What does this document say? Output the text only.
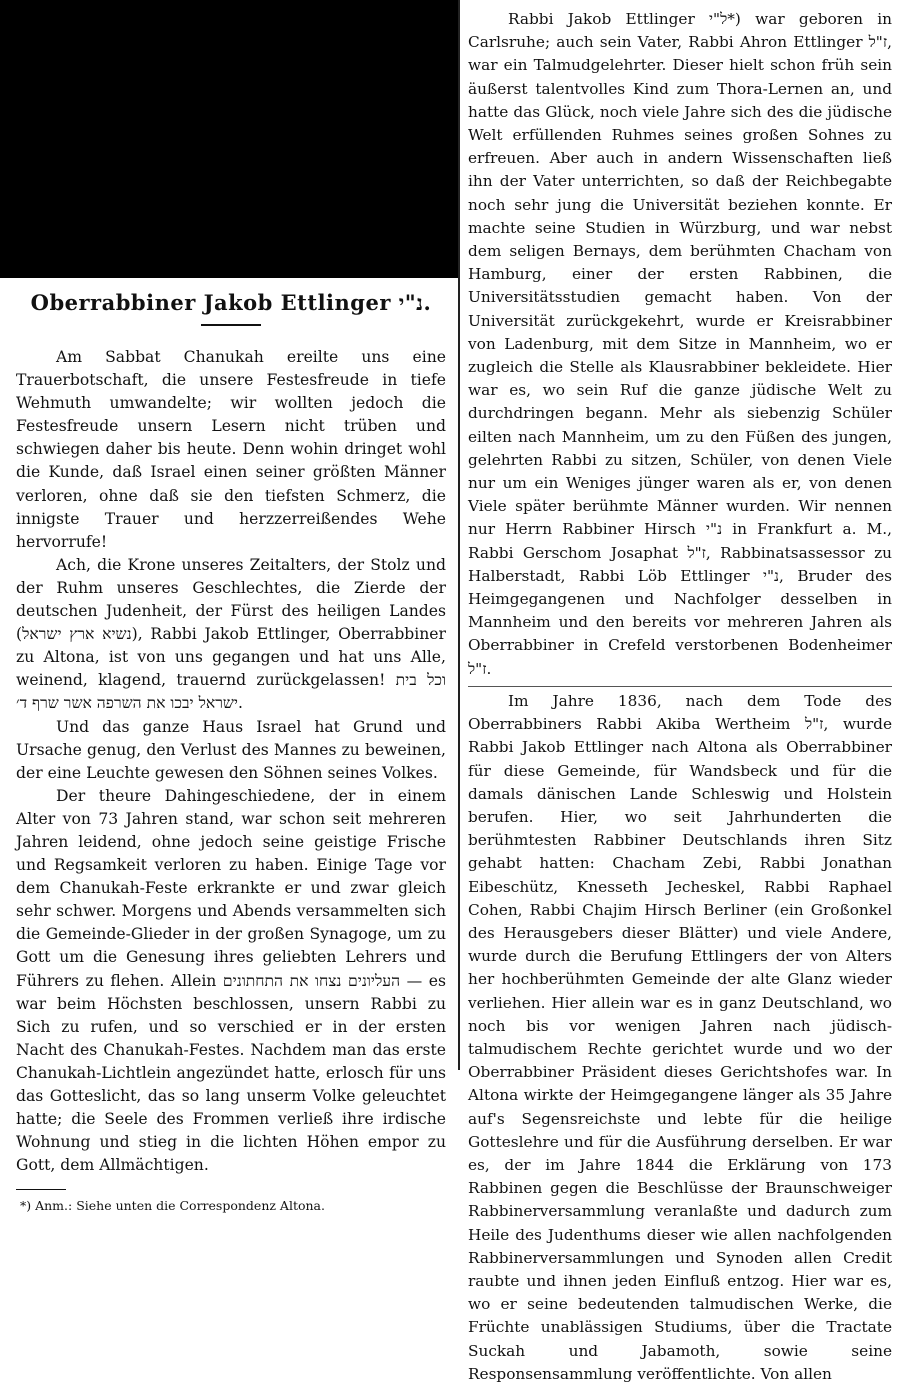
Oberrabbiner Jakob Ettlinger נ"י.

Am Sabbat Chanukah ereilte uns eine Trauerbotschaft, die unsere Festesfreude in tiefe Wehmuth umwandelte; wir wollten jedoch die Festesfreude unsern Lesern nicht trüben und schwiegen daher bis heute. Denn wohin dringet wohl die Kunde, daß Israel einen seiner größten Männer verloren, ohne daß sie den tiefsten Schmerz, die innigste Trauer und herzzerreißendes Wehe hervorrufe!

Ach, die Krone unseres Zeitalters, der Stolz und der Ruhm unseres Geschlechtes, die Zierde der deutschen Judenheit, der Fürst des heiligen Landes (נשיא ארץ ישראל), Rabbi Jakob Ettlinger, Oberrabbiner zu Altona, ist von uns gegangen und hat uns Alle, weinend, klagend, trauernd zurückgelassen! וכל בית ישראל יבכו את השרפה אשר שרף ד׳.

Und das ganze Haus Israel hat Grund und Ursache genug, den Verlust des Mannes zu beweinen, der eine Leuchte gewesen den Söhnen seines Volkes.

Der theure Dahingeschiedene, der in einem Alter von 73 Jahren stand, war schon seit mehreren Jahren leidend, ohne jedoch seine geistige Frische und Regsamkeit verloren zu haben. Einige Tage vor dem Chanukah-Feste erkrankte er und zwar gleich sehr schwer. Morgens und Abends versammelten sich die Gemeinde-Glieder in der großen Synagoge, um zu Gott um die Genesung ihres geliebten Lehrers und Führers zu flehen. Allein העליונים נצחו את התחתונים — es war beim Höchsten beschlossen, unsern Rabbi zu Sich zu rufen, und so verschied er in der ersten Nacht des Chanukah-Festes. Nachdem man das erste Chanukah-Lichtlein angezündet hatte, erlosch für uns das Gotteslicht, das so lang unserm Volke geleuchtet hatte; die Seele des Frommen verließ ihre irdische Wohnung und stieg in die lichten Höhen empor zu Gott, dem Allmächtigen.

*) Anm.: Siehe unten die Correspondenz Altona.

Rabbi Jakob Ettlinger ל"י*) war geboren in Carlsruhe; auch sein Vater, Rabbi Ahron Ettlinger ז"ל, war ein Talmudgelehrter. Dieser hielt schon früh sein äußerst talentvolles Kind zum Thora-Lernen an, und hatte das Glück, noch viele Jahre sich des die jüdische Welt erfüllenden Ruhmes seines großen Sohnes zu erfreuen. Aber auch in andern Wissenschaften ließ ihn der Vater unterrichten, so daß der Reichbegabte noch sehr jung die Universität beziehen konnte. Er machte seine Studien in Würzburg, und war nebst dem seligen Bernays, dem berühmten Chacham von Hamburg, einer der ersten Rabbinen, die Universitätsstudien gemacht haben. Von der Universität zurückgekehrt, wurde er Kreisrabbiner von Ladenburg, mit dem Sitze in Mannheim, wo er zugleich die Stelle als Klausrabbiner bekleidete. Hier war es, wo sein Ruf die ganze jüdische Welt zu durchdringen begann. Mehr als siebenzig Schüler eilten nach Mannheim, um zu den Füßen des jungen, gelehrten Rabbi zu sitzen, Schüler, von denen Viele nur um ein Weniges jünger waren als er, von denen Viele später berühmte Männer wurden. Wir nennen nur Herrn Rabbiner Hirsch נ"י in Frankfurt a. M., Rabbi Gerschom Josaphat ז"ל, Rabbinatsassessor zu Halberstadt, Rabbi Löb Ettlinger נ"י, Bruder des Heimgegangenen und Nachfolger desselben in Mannheim und den bereits vor mehreren Jahren als Oberrabbiner in Crefeld verstorbenen Bodenheimer ז"ל.

Im Jahre 1836, nach dem Tode des Oberrabbiners Rabbi Akiba Wertheim ז"ל, wurde Rabbi Jakob Ettlinger nach Altona als Oberrabbiner für diese Gemeinde, für Wandsbeck und für die damals dänischen Lande Schleswig und Holstein berufen. Hier, wo seit Jahrhunderten die berühmtesten Rabbiner Deutschlands ihren Sitz gehabt hatten: Chacham Zebi, Rabbi Jonathan Eibeschütz, Knesseth Jecheskel, Rabbi Raphael Cohen, Rabbi Chajim Hirsch Berliner (ein Großonkel des Herausgebers dieser Blätter) und viele Andere, wurde durch die Berufung Ettlingers der von Alters her hochberühmten Gemeinde der alte Glanz wieder verliehen. Hier allein war es in ganz Deutschland, wo noch bis vor wenigen Jahren nach jüdisch-talmudischem Rechte gerichtet wurde und wo der Oberrabbiner Präsident dieses Gerichtshofes war. In Altona wirkte der Heimgegangene länger als 35 Jahre auf's Segensreichste und lebte für die heilige Gotteslehre und für die Ausführung derselben. Er war es, der im Jahre 1844 die Erklärung von 173 Rabbinen gegen die Beschlüsse der Braunschweiger Rabbinerversammlung veranlaßte und dadurch zum Heile des Judenthums dieser wie allen nachfolgenden Rabbinerversammlungen und Synoden allen Credit raubte und ihnen jeden Einfluß entzog. Hier war es, wo er seine bedeutenden talmudischen Werke, die Früchte unablässigen Studiums, über die Tractate Suckah und Jabamoth, sowie seine Responsensammlung veröffentlichte. Von allen
